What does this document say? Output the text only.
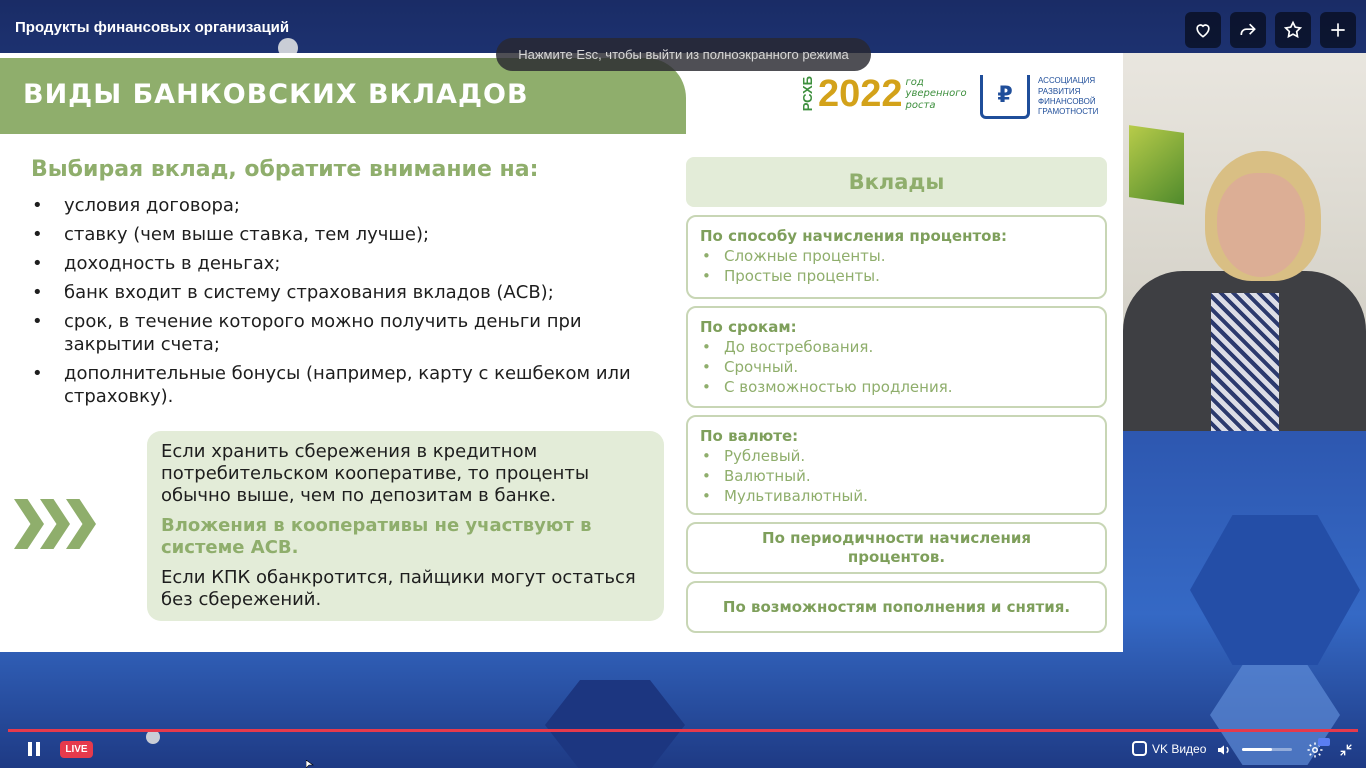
Продукты финансовых организаций
Нажмите Esc, чтобы выйти из полноэкранного режима
ВИДЫ БАНКОВСКИХ ВКЛАДОВ	РСХБ 2022 год
уверенного
роста	₽
АССОЦИАЦИЯ РАЗВИТИЯ ФИНАНСОВОЙ ГРАМОТНОСТИ
Выбирая вклад, обратите внимание на:
• условия договора;
• ставку (чем выше ставка, тем лучше);
• доходность в деньгах;
• банк входит в систему страхования вкладов (АСВ);
• срок, в течение которого можно получить деньги при закрытии счета;
• дополнительные бонусы (например, карту с кешбеком или страховку).

Если хранить сбережения в кредитном потребительском кооперативе, то проценты обычно выше, чем по депозитам в банке.

Вложения в кооперативы не участвуют в системе АСВ.

Если КПК обанкротится, пайщики могут остаться без сбережений.

Вклады
По способу начисления процентов:
• Сложные проценты.
• Простые проценты.
По срокам:
• До востребования.
• Срочный.
• С возможностью продления.
По валюте:
• Рублевый.
• Валютный.
• Мультивалютный.
По периодичности начисления процентов.
По возможностям пополнения и снятия.
LIVE	VK Видео
